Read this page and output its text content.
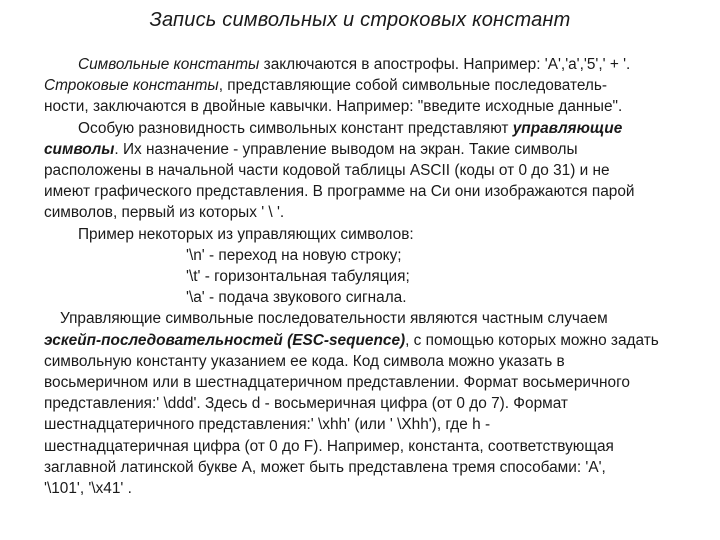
Запись символьных и строковых констант
Символьные константы заключаются в апострофы. Например: 'A','a','5',' + '.
Строковые константы, представляющие собой символьные последователь-
ности, заключаются в двойные кавычки. Например: "введите исходные данные".
Особую разновидность символьных констант представляют управляющие
символы. Их назначение - управление выводом на экран. Такие символы
расположены в начальной части кодовой таблицы ASCII (коды от 0 до 31) и не
имеют графического представления. В программе на Си они изображаются парой
символов, первый из которых ' \ '.
Пример некоторых из управляющих символов:
'\n' - переход на новую строку;
'\t' - горизонтальная табуляция;
'\a' - подача звукового сигнала.
Управляющие символьные последовательности являются частным случаем
эскейп-последовательностей (ESC-sequence), с помощью которых можно задать
символьную константу указанием ее кода. Код символа можно указать в
восьмеричном или в шестнадцатеричном представлении. Формат восьмеричного
представления:' \ddd'. Здесь d - восьмеричная цифра (от 0 до 7). Формат
шестнадцатеричного представления:' \xhh' (или ' \Xhh'), где h -
шестнадцатеричная цифра (от 0 до F). Например, константа, соответствующая
заглавной латинской букве А, может быть представлена тремя способами: 'A',
'\101', '\x41' .
